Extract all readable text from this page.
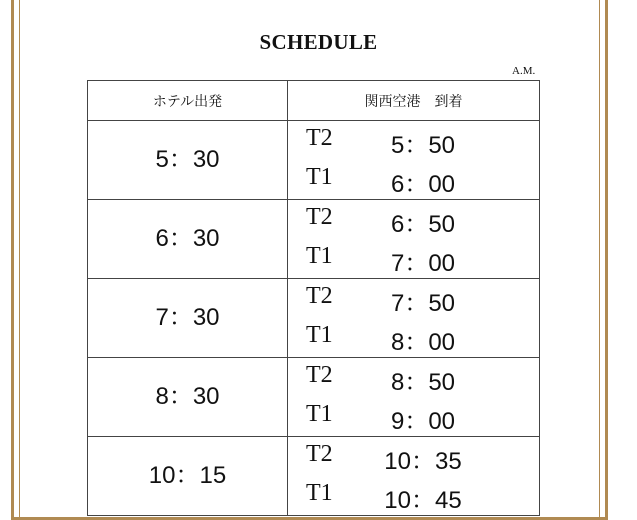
SCHEDULE
A.M.
ホテル出発	関西空港　到着
5：30	T2 5：50
T1 6：00

6：30	T2 6：50
T1 7：00

7：30	T2 7：50
T1 8：00

8：30	T2 8：50
T1 9：00

10：15	T2 10：35
T1 10：45
